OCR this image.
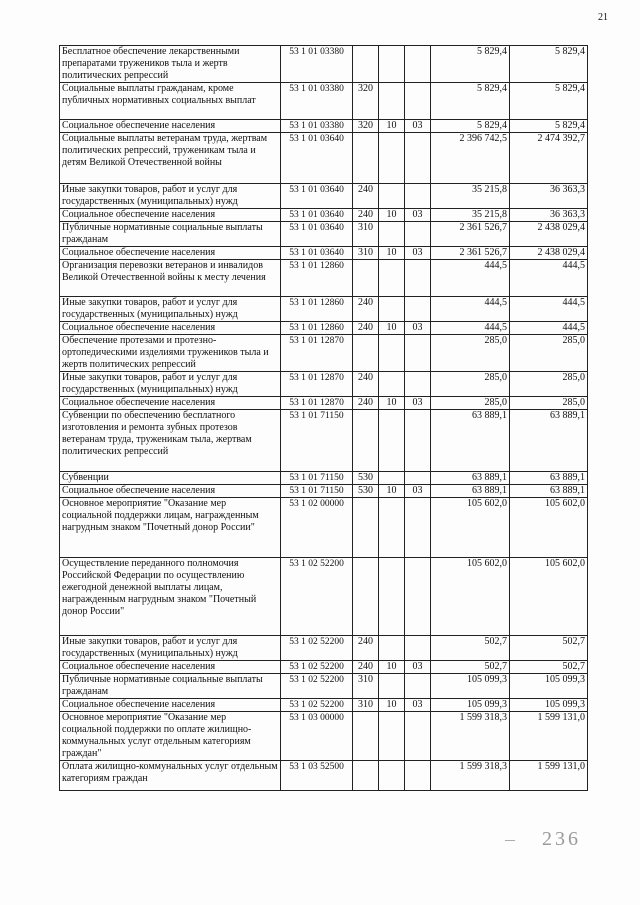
21
Бесплатное обеспечение лекарственными препаратами тружеников тыла и жертв политических репрессий	53 1 01 03380				5 829,4	5 829,4
Социальные выплаты гражданам, кроме публичных нормативных социальных выплат	53 1 01 03380	320			5 829,4	5 829,4
Социальное обеспечение населения	53 1 01 03380	320	10	03	5 829,4	5 829,4
Социальные выплаты ветеранам труда, жертвам политических репрессий, труженикам тыла и детям Великой Отечественной войны	53 1 01 03640				2 396 742,5	2 474 392,7
Иные закупки товаров, работ и услуг для государственных (муниципальных) нужд	53 1 01 03640	240			35 215,8	36 363,3
Социальное обеспечение населения	53 1 01 03640	240	10	03	35 215,8	36 363,3
Публичные нормативные социальные выплаты гражданам	53 1 01 03640	310			2 361 526,7	2 438 029,4
Социальное обеспечение населения	53 1 01 03640	310	10	03	2 361 526,7	2 438 029,4
Организация перевозки ветеранов и инвалидов Великой Отечественной войны к месту лечения	53 1 01 12860				444,5	444,5
Иные закупки товаров, работ и услуг для государственных (муниципальных) нужд	53 1 01 12860	240			444,5	444,5
Социальное обеспечение населения	53 1 01 12860	240	10	03	444,5	444,5
Обеспечение протезами и протезно-ортопедическими изделиями тружеников тыла и жертв политических репрессий	53 1 01 12870				285,0	285,0
Иные закупки товаров, работ и услуг для государственных (муниципальных) нужд	53 1 01 12870	240			285,0	285,0
Социальное обеспечение населения	53 1 01 12870	240	10	03	285,0	285,0
Субвенции по обеспечению бесплатного изготовления и ремонта зубных протезов ветеранам труда, труженикам тыла, жертвам политических репрессий	53 1 01 71150				63 889,1	63 889,1
Субвенции	53 1 01 71150	530			63 889,1	63 889,1
Социальное обеспечение населения	53 1 01 71150	530	10	03	63 889,1	63 889,1
Основное мероприятие "Оказание мер социальной поддержки лицам, награжденным нагрудным знаком "Почетный донор России"	53 1 02 00000				105 602,0	105 602,0
Осуществление переданного полномочия Российской Федерации по осуществлению ежегодной денежной выплаты лицам, награжденным нагрудным знаком "Почетный донор России"	53 1 02 52200				105 602,0	105 602,0
Иные закупки товаров, работ и услуг для государственных (муниципальных) нужд	53 1 02 52200	240			502,7	502,7
Социальное обеспечение населения	53 1 02 52200	240	10	03	502,7	502,7
Публичные нормативные социальные выплаты гражданам	53 1 02 52200	310			105 099,3	105 099,3
Социальное обеспечение населения	53 1 02 52200	310	10	03	105 099,3	105 099,3
Основное мероприятие "Оказание мер социальной поддержки по оплате жилищно-коммунальных услуг отдельным категориям граждан"	53 1 03 00000				1 599 318,3	1 599 131,0
Оплата жилищно-коммунальных услуг отдельным категориям граждан	53 1 03 52500				1 599 318,3	1 599 131,0
— 236
